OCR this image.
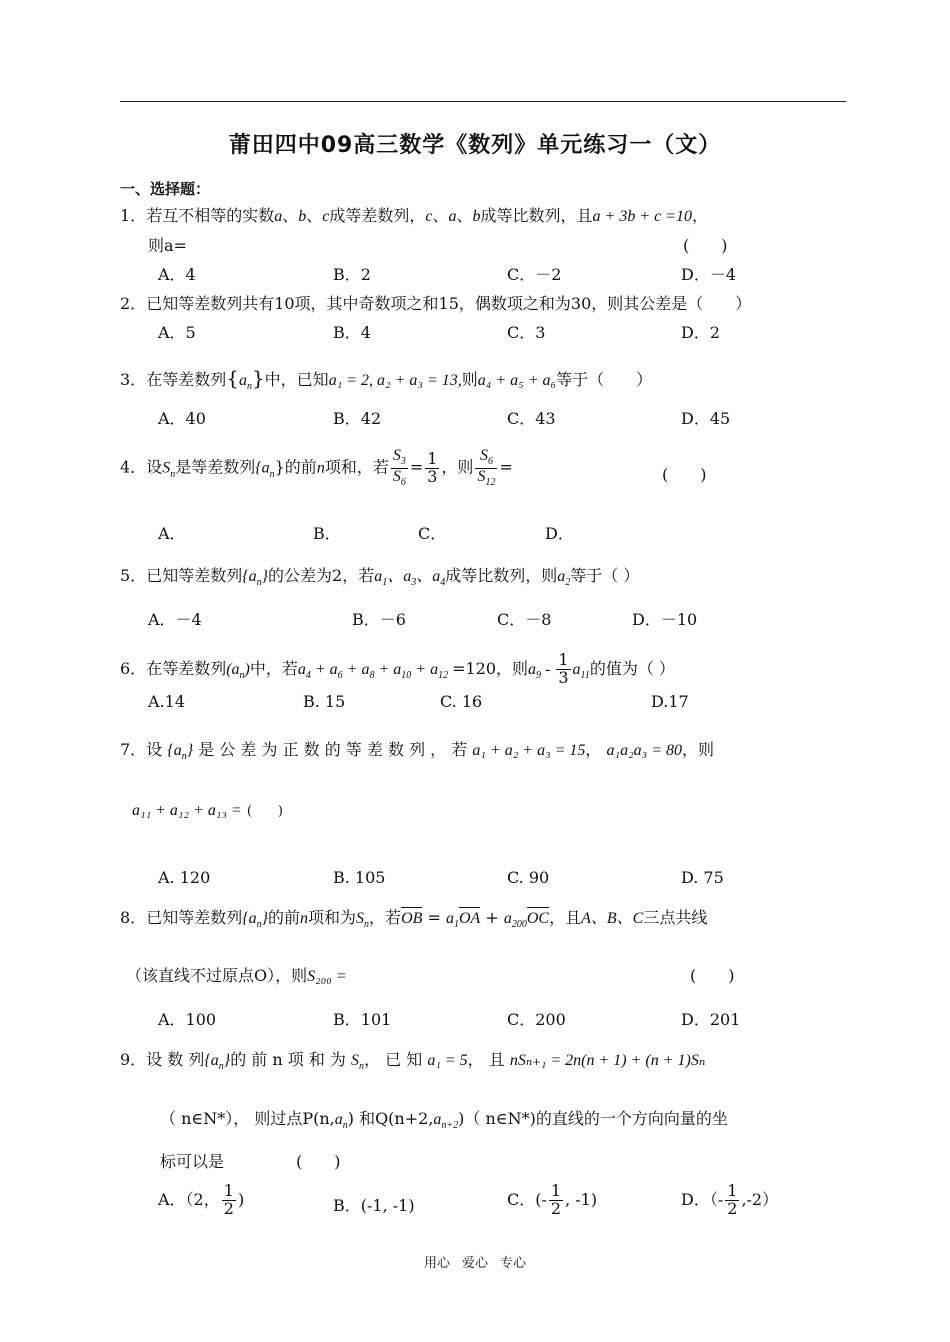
莆田四中09高三数学《数列》单元练习一（文）
一、选择题：
1．若互不相等的实数a、b、c成等差数列，c、a、b成等比数列，且a + 3b + c =10，
则a=	(　　)
A．4	B．2	C．－2	D．－4
2．已知等差数列共有10项，其中奇数项之和15，偶数项之和为30，则其公差是（　　）
A．5	B．4	C．3	D．2
3．在等差数列$\{a_n\}$中，已知a₁ = 2, a₂ + a₃ = 13,则a₄ + a₅ + a₆等于（　　）
A．40	B．42	C．43	D．45
4．设$S_n$是等差数列$\{a_n\}$的前n项和，若 $\frac{S_3}{S_6} = \frac{1}{3}$ ，则 $\frac{S_6}{S_{12}}$ =	(　　)
A．	B．	C．	D．
5．已知等差数列$\{a_n\}$的公差为2，若$a_1$、$a_3$、$a_4$成等比数列，则$a_2$等于（ ）
A．－4	B．－6	C．－8	D．－10
6．在等差数列$(a_n)$中，若$a_4 + a_6 + a_8 + a_{10} + a_{12} =120$，则$a_9 - \frac{1}{3} a_{11}$的值为（ ）
A.14	B. 15	C. 16	D.17
7．设 $\{a_n\}$ 是 公 差 为 正 数 的 等 差 数 列 ， 若 a₁ + a₂ + a₃ = 15， a₁a₂a₃ = 80，则
a₁₁ + a₁₂ + a₁₃ = (　　)
A. 120	B. 105	C. 90	D. 75
8．已知等差数列$\{a_n\}$的前n项和为$S_n$，若OB = $a_1OA + a_{200}OC$，且A、B、C三点共线
（该直线不过原点O），则S₂₀₀ =	(　　)
A．100	B．101	C．200	D．201
9．设 数 列$\{a_n\}$的 前 n 项 和 为 $S_n$， 已 知 a₁ = 5， 且 nSₙ₊₁ = 2n(n + 1) + (n + 1)Sₙ
（ n∈N*）， 则过点$P(n,a_n)$ 和$Q(n+2,a_{n+2})$（ n∈N*)的直线的一个方向向量的坐
标可以是	(　　)
A．（2， $\frac{1}{2}$ )	B．(-1, -1)	C．(- $\frac{1}{2}$ , -1)	D．（- $\frac{1}{2} ,-2$）
用心 爱心 专心
